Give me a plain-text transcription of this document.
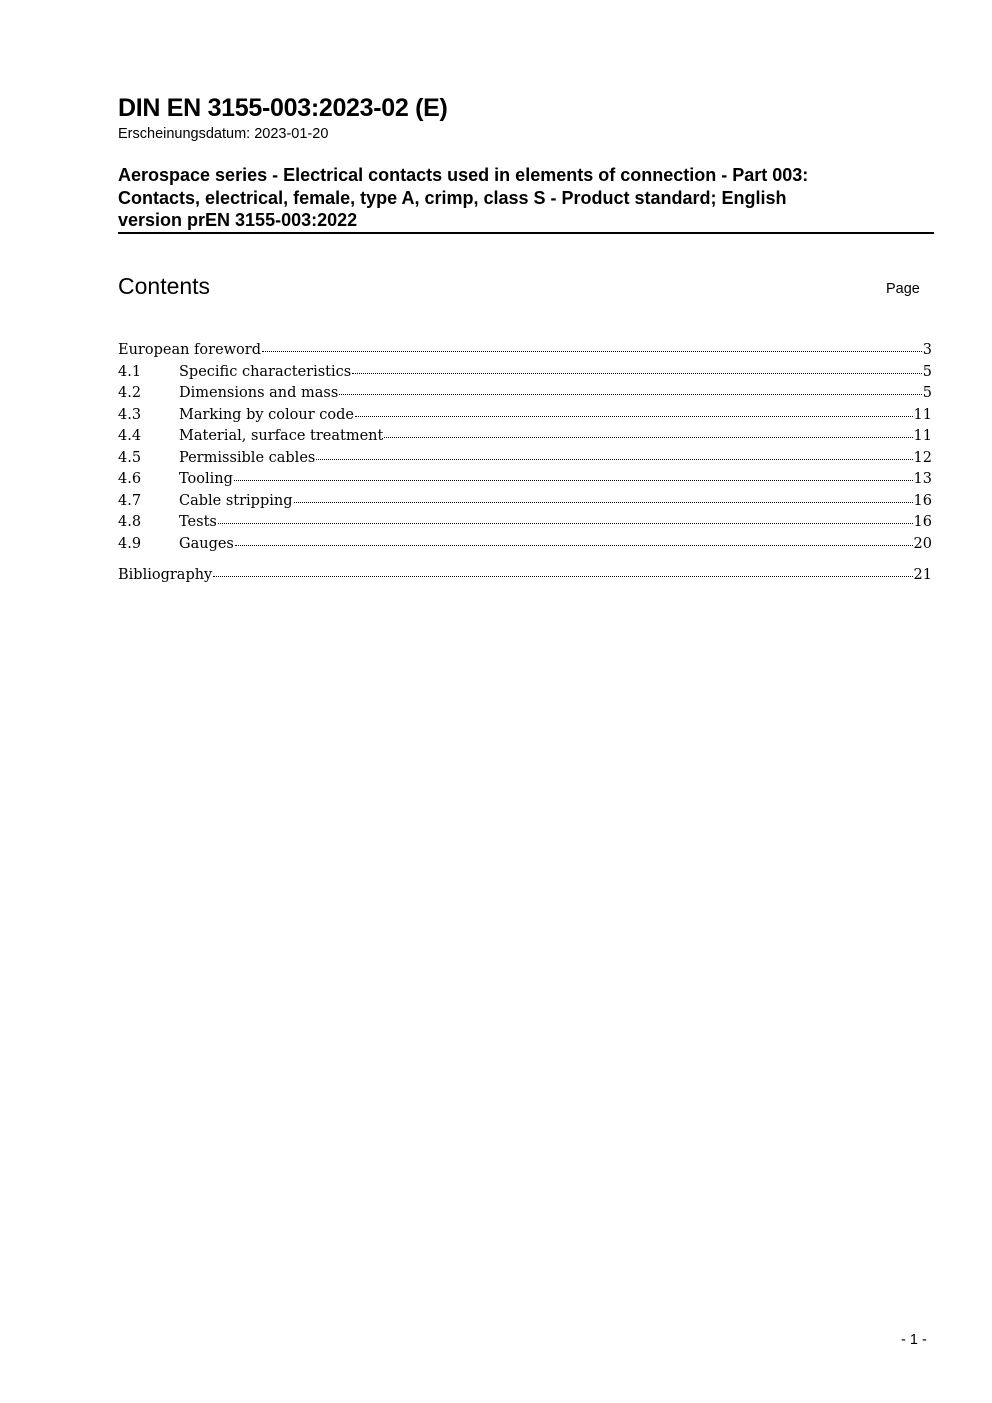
DIN EN 3155-003:2023-02 (E)
Erscheinungsdatum: 2023-01-20
Aerospace series - Electrical contacts used in elements of connection - Part 003:
Contacts, electrical, female, type A, crimp, class S - Product standard; English
version prEN 3155-003:2022
Contents	Page
European foreword	3
4.1	Specific characteristics	5
4.2	Dimensions and mass	5
4.3	Marking by colour code	11
4.4	Material, surface treatment	11
4.5	Permissible cables	12
4.6	Tooling	13
4.7	Cable stripping	16
4.8	Tests	16
4.9	Gauges	20
Bibliography	21
- 1 -
